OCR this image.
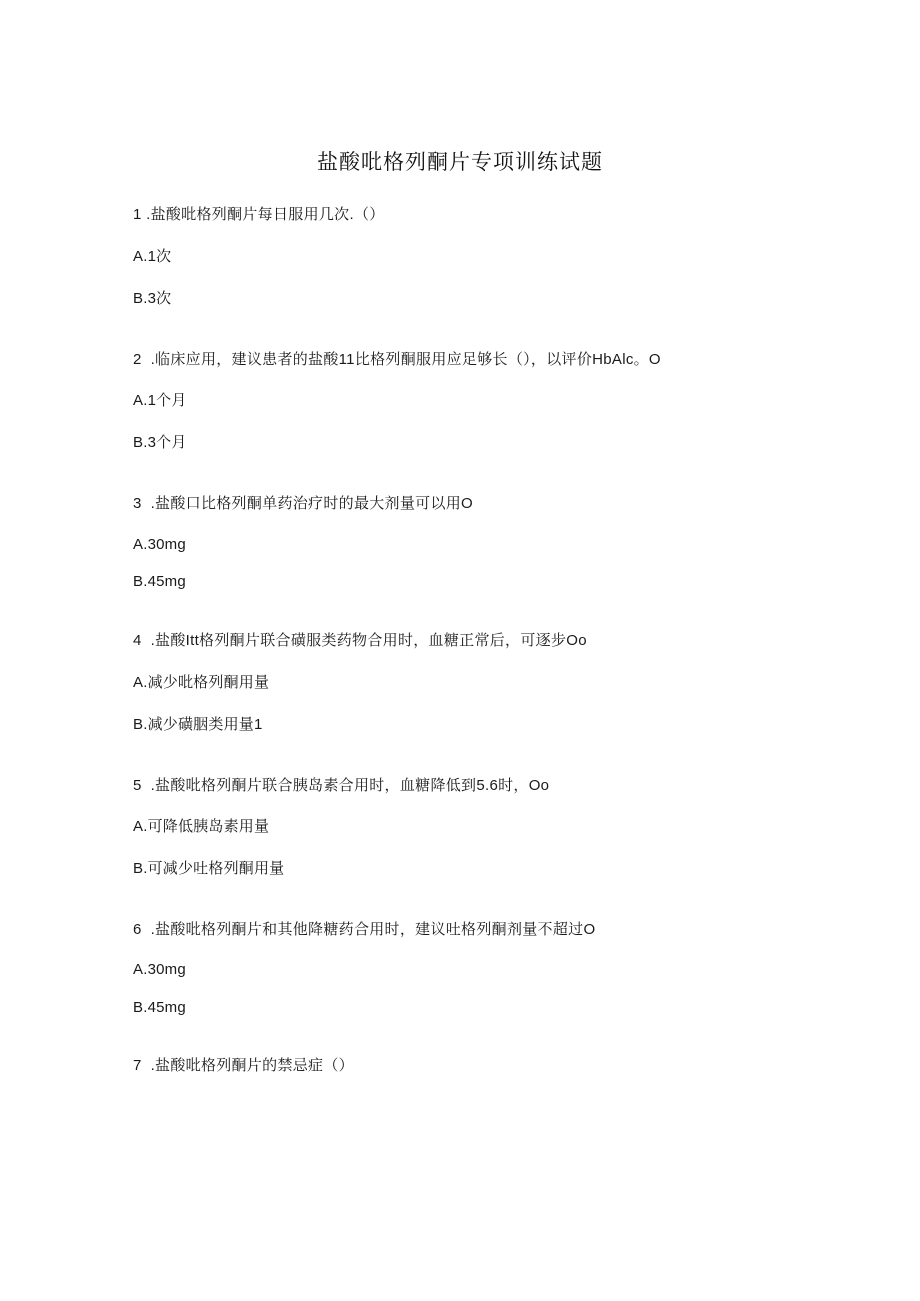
盐酸吡格列酮片专项训练试题
1 .盐酸吡格列酮片每日服用几次.（）
A.1次
B.3次
2  .临床应用，建议患者的盐酸11比格列酮服用应足够长（），以评价HbAlc。O
A.1个月
B.3个月
3  .盐酸口比格列酮单药治疗时的最大剂量可以用O
A.30mg
B.45mg
4  .盐酸Itt格列酮片联合磺服类药物合用时，血糖正常后，可逐步Oo
A.减少吡格列酮用量
B.减少磺胭类用量1
5  .盐酸吡格列酮片联合胰岛素合用时，血糖降低到5.6时，Oo
A.可降低胰岛素用量
B.可减少吐格列酮用量
6  .盐酸吡格列酮片和其他降糖药合用时，建议吐格列酮剂量不超过O
A.30mg
B.45mg
7  .盐酸吡格列酮片的禁忌症（）
